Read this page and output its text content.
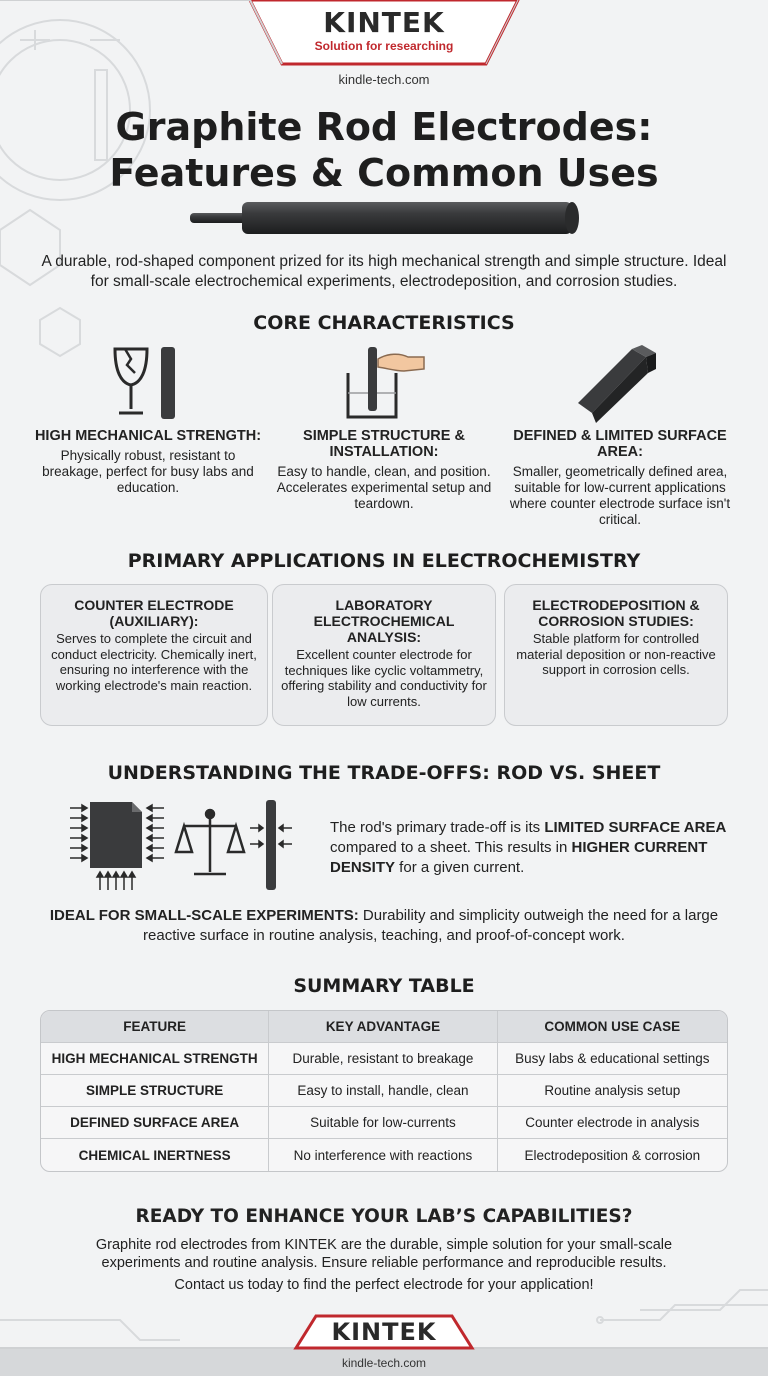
KINTEK
Solution for researching
kindle-tech.com
Graphite Rod Electrodes:
Features & Common Uses

A durable, rod-shaped component prized for its high mechanical strength and simple structure. Ideal for small-scale electrochemical experiments, electrodeposition, and corrosion studies.

CORE CHARACTERISTICS
HIGH MECHANICAL STRENGTH:

Physically robust, resistant to breakage, perfect for busy labs and education.

SIMPLE STRUCTURE & INSTALLATION:

Easy to handle, clean, and position. Accelerates experimental setup and teardown.

DEFINED & LIMITED SURFACE AREA:

Smaller, geometrically defined area, suitable for low-current applications where counter electrode surface isn't critical.

PRIMARY APPLICATIONS IN ELECTROCHEMISTRY
COUNTER ELECTRODE (AUXILIARY):

Serves to complete the circuit and conduct electricity. Chemically inert, ensuring no interference with the working electrode's main reaction.

LABORATORY ELECTROCHEMICAL ANALYSIS:

Excellent counter electrode for techniques like cyclic voltammetry, offering stability and conductivity for low currents.

ELECTRODEPOSITION & CORROSION STUDIES:

Stable platform for controlled material deposition or non-reactive support in corrosion cells.

UNDERSTANDING THE TRADE-OFFS: ROD VS. SHEET

The rod's primary trade-off is its LIMITED SURFACE AREA compared to a sheet. This results in HIGHER CURRENT DENSITY for a given current.

IDEAL FOR SMALL-SCALE EXPERIMENTS: Durability and simplicity outweigh the need for a large reactive surface in routine analysis, teaching, and proof-of-concept work.

SUMMARY TABLE
FEATURE	KEY ADVANTAGE	COMMON USE CASE
HIGH MECHANICAL STRENGTH	Durable, resistant to breakage	Busy labs & educational settings
SIMPLE STRUCTURE	Easy to install, handle, clean	Routine analysis setup
DEFINED SURFACE AREA	Suitable for low-currents	Counter electrode in analysis
CHEMICAL INERTNESS	No interference with reactions	Electrodeposition & corrosion
READY TO ENHANCE YOUR LAB’S CAPABILITIES?

Graphite rod electrodes from KINTEK are the durable, simple solution for your small-scale experiments and routine analysis. Ensure reliable performance and reproducible results.

Contact us today to find the perfect electrode for your application!

KINTEK
kindle-tech.com
